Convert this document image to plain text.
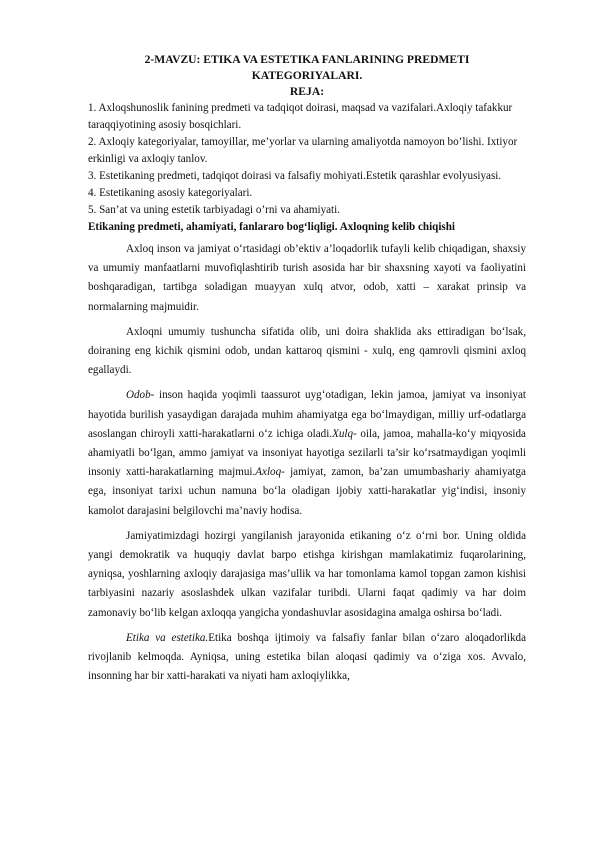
2-MAVZU: ETIKA VA ESTETIKA FANLARINING PREDMETI KATEGORIYALARI.
REJA:
1. Axloqshunoslik fanining predmeti va tadqiqot doirasi, maqsad va vazifalari.Axloqiy tafakkur taraqqiyotining asosiy bosqichlari.
2. Axloqiy kategoriyalar, tamoyillar, me’yorlar va ularning amaliyotda namoyon bo’lishi. Ixtiyor erkinligi va axloqiy tanlov.
3. Estetikaning predmeti, tadqiqot doirasi va falsafiy mohiyati.Estetik qarashlar evolyusiyasi.
4. Estetikaning asosiy kategoriyalari.
5. San’at va uning estetik tarbiyadagi o’rni va ahamiyati.
Etikaning predmeti, ahamiyati, fanlararo bog‘liqligi. Axloqning kelib chiqishi

Axloq inson va jamiyat o‘rtasidagi ob’ektiv a’loqadorlik tufayli kelib chiqadigan, shaxsiy va umumiy manfaatlarni muvofiqlashtirib turish asosida har bir shaxsning xayoti va faoliyatini boshqaradigan, tartibga soladigan muayyan xulq atvor, odob, xatti – xarakat prinsip va normalarning majmuidir.

Axloqni umumiy tushuncha sifatida olib, uni doira shaklida aks ettiradigan bo‘lsak, doiraning eng kichik qismini odob, undan kattaroq qismini - xulq, eng qamrovli qismini axloq egallaydi.

Odob- inson haqida yoqimli taassurot uyg‘otadigan, lekin jamoa, jamiyat va insoniyat hayotida burilish yasaydigan darajada muhim ahamiyatga ega bo‘lmaydigan, milliy urf-odatlarga asoslangan chiroyli xatti-harakatlarni o‘z ichiga oladi.Xulq- oila, jamoa, mahalla-ko‘y miqyosida ahamiyatli bo‘lgan, ammo jamiyat va insoniyat hayotiga sezilarli ta’sir ko‘rsatmaydigan yoqimli insoniy xatti-harakatlarning majmui.Axloq- jamiyat, zamon, ba’zan umumbashariy ahamiyatga ega, insoniyat tarixi uchun namuna bo‘la oladigan ijobiy xatti-harakatlar yig‘indisi, insoniy kamolot darajasini belgilovchi ma’naviy hodisa.

Jamiyatimizdagi hozirgi yangilanish jarayonida etikaning o‘z o‘rni bor. Uning oldida yangi demokratik va huquqiy davlat barpo etishga kirishgan mamlakatimiz fuqarolarining, ayniqsa, yoshlarning axloqiy darajasiga mas’ullik va har tomonlama kamol topgan zamon kishisi tarbiyasini nazariy asoslashdek ulkan vazifalar turibdi. Ularni faqat qadimiy va har doim zamonaviy bo‘lib kelgan axloqqa yangicha yondashuvlar asosidagina amalga oshirsa bo‘ladi.

Etika va estetika.Etika boshqa ijtimoiy va falsafiy fanlar bilan o‘zaro aloqadorlikda rivojlanib kelmoqda. Ayniqsa, uning estetika bilan aloqasi qadimiy va o‘ziga xos. Avvalo, insonning har bir xatti-harakati va niyati ham axloqiylikka,
